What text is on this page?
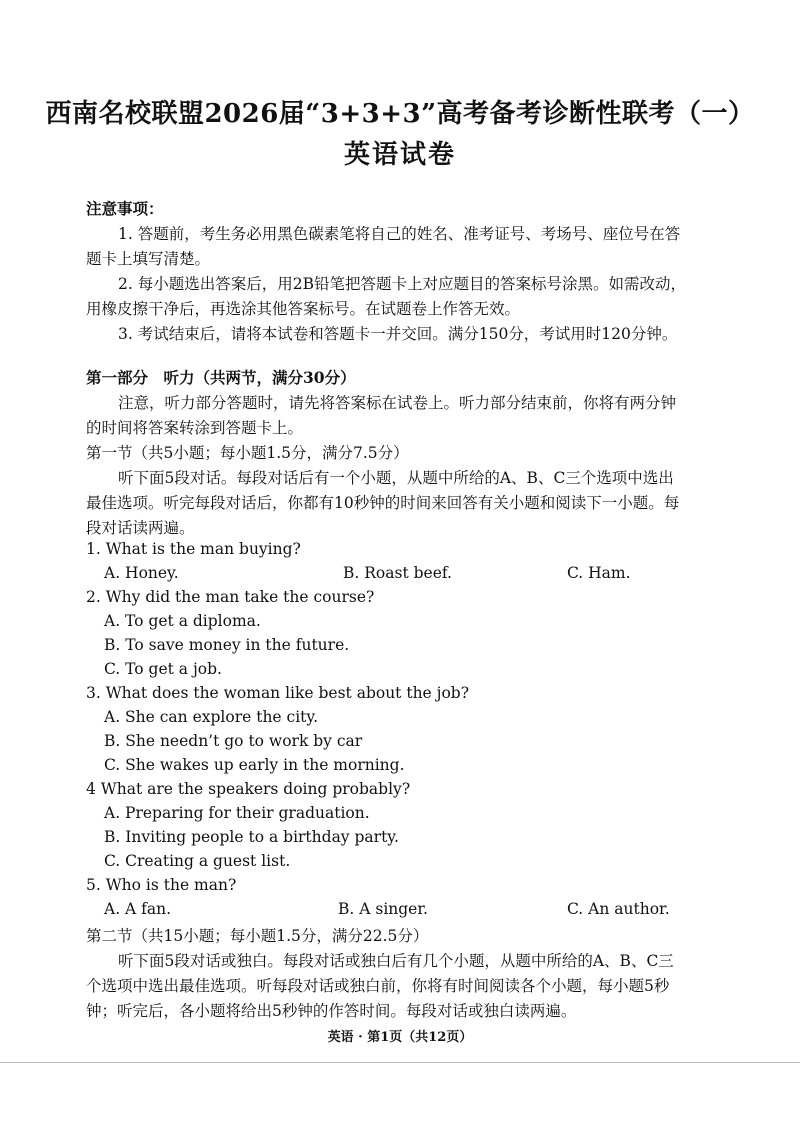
西南名校联盟2026届“3+3+3”高考备考诊断性联考（一）
英语试卷
注意事项：
1. 答题前，考生务必用黑色碳素笔将自己的姓名、准考证号、考场号、座位号在答
题卡上填写清楚。
2. 每小题选出答案后，用2B铅笔把答题卡上对应题目的答案标号涂黑。如需改动，
用橡皮擦干净后，再选涂其他答案标号。在试题卷上作答无效。
3. 考试结束后，请将本试卷和答题卡一并交回。满分150分，考试用时120分钟。
第一部分　听力（共两节，满分30分）
注意，听力部分答题时，请先将答案标在试卷上。听力部分结束前，你将有两分钟
的时间将答案转涂到答题卡上。
第一节（共5小题；每小题1.5分，满分7.5分）
听下面5段对话。每段对话后有一个小题，从题中所给的A、B、C三个选项中选出
最佳选项。听完每段对话后，你都有10秒钟的时间来回答有关小题和阅读下一小题。每
段对话读两遍。
1. What is the man buying?
A. Honey.	B. Roast beef.	C. Ham.
2. Why did the man take the course?
A. To get a diploma.
B. To save money in the future.
C. To get a job.
3. What does the woman like best about the job?
A. She can explore the city.
B. She needn’t go to work by car
C. She wakes up early in the morning.
4 What are the speakers doing probably?
A. Preparing for their graduation.
B. Inviting people to a birthday party.
C. Creating a guest list.
5. Who is the man?
A. A fan.	B. A singer.	C. An author.
第二节（共15小题；每小题1.5分，满分22.5分）
听下面5段对话或独白。每段对话或独白后有几个小题，从题中所给的A、B、C三
个选项中选出最佳选项。听每段对话或独白前，你将有时间阅读各个小题，每小题5秒
钟；听完后，各小题将给出5秒钟的作答时间。每段对话或独白读两遍。
英语 · 第1页（共12页）
